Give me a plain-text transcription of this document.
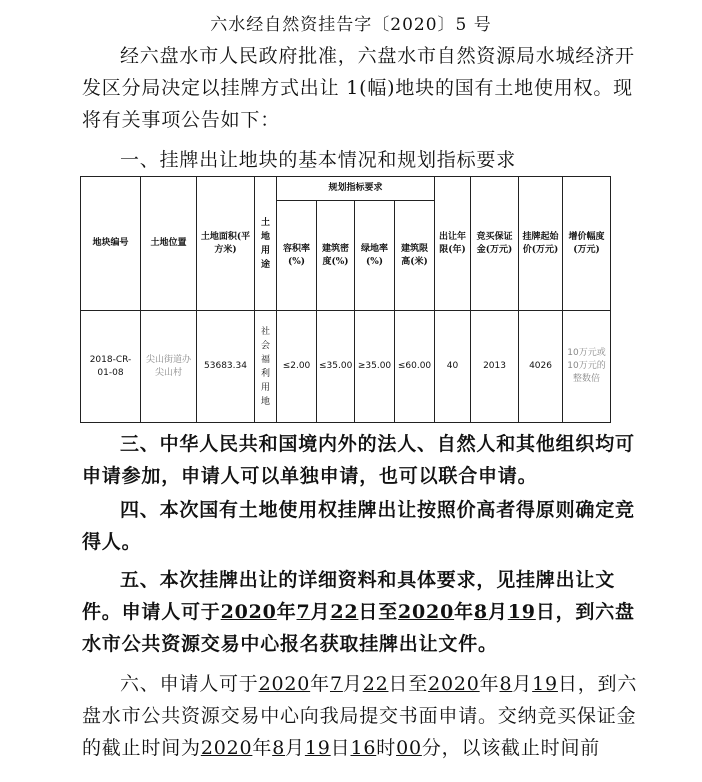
六水经自然资挂告字〔2020〕5 号
经六盘水市人民政府批准，六盘水市自然资源局水城经济开发区分局决定以挂牌方式出让 1(幅)地块的国有土地使用权。现将有关事项公告如下：
一、挂牌出让地块的基本情况和规划指标要求
地块编号	土地位置	土地面积(平方米)	土地用途	规划指标要求				出让年限(年)	竞买保证金(万元)	挂牌起始价(万元)	增价幅度(万元)
				容积率(%)	建筑密度(%)	绿地率(%)	建筑限高(米)				
2018-CR-01-08	尖山街道办尖山村	53683.34	社会福利用地	≤2.00	≤35.00	≥35.00	≤60.00	40	2013	4026	10万元或10万元的整数倍
三、中华人民共和国境内外的法人、自然人和其他组织均可申请参加，申请人可以单独申请，也可以联合申请。
四、本次国有土地使用权挂牌出让按照价高者得原则确定竞得人。
五、本次挂牌出让的详细资料和具体要求，见挂牌出让文件。申请人可于2020年7月22日至2020年8月19日，到六盘水市公共资源交易中心报名获取挂牌出让文件。
六、申请人可于2020年7月22日至2020年8月19日，到六盘水市公共资源交易中心向我局提交书面申请。交纳竞买保证金的截止时间为2020年8月19日16时00分，以该截止时间前
